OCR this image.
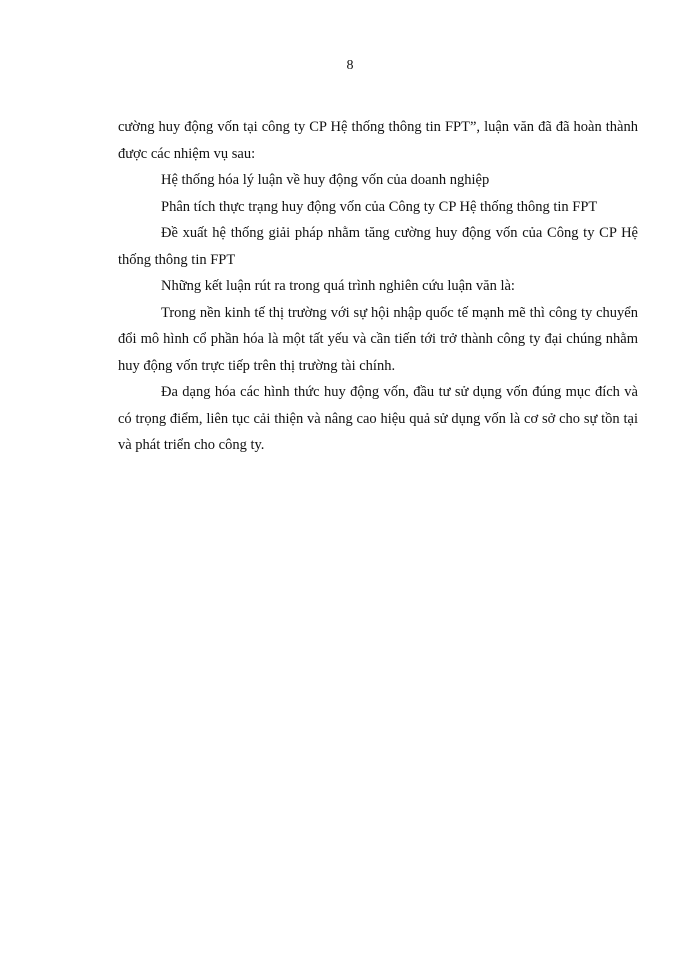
8

cường huy động vốn tại công ty CP Hệ thống thông tin FPT”, luận văn đã đã hoàn thành được các nhiệm vụ sau:

Hệ thống hóa lý luận về huy động vốn của doanh nghiệp

Phân tích thực trạng huy động vốn của Công ty CP Hệ thống thông tin FPT

Đề xuất hệ thống giải pháp nhằm tăng cường huy động vốn của Công ty CP Hệ thống thông tin FPT

Những kết luận rút ra trong quá trình nghiên cứu luận văn là:

Trong nền kinh tế thị trường với sự hội nhập quốc tế mạnh mẽ thì công ty chuyển đổi mô hình cổ phần hóa là một tất yếu và cần tiến tới trở thành công ty đại chúng nhằm huy động vốn trực tiếp trên thị trường tài chính.

Đa dạng hóa các hình thức huy động vốn, đầu tư sử dụng vốn đúng mục đích và có trọng điểm, liên tục cải thiện và nâng cao hiệu quả sử dụng vốn là cơ sở cho sự tồn tại và phát triển cho công ty.
